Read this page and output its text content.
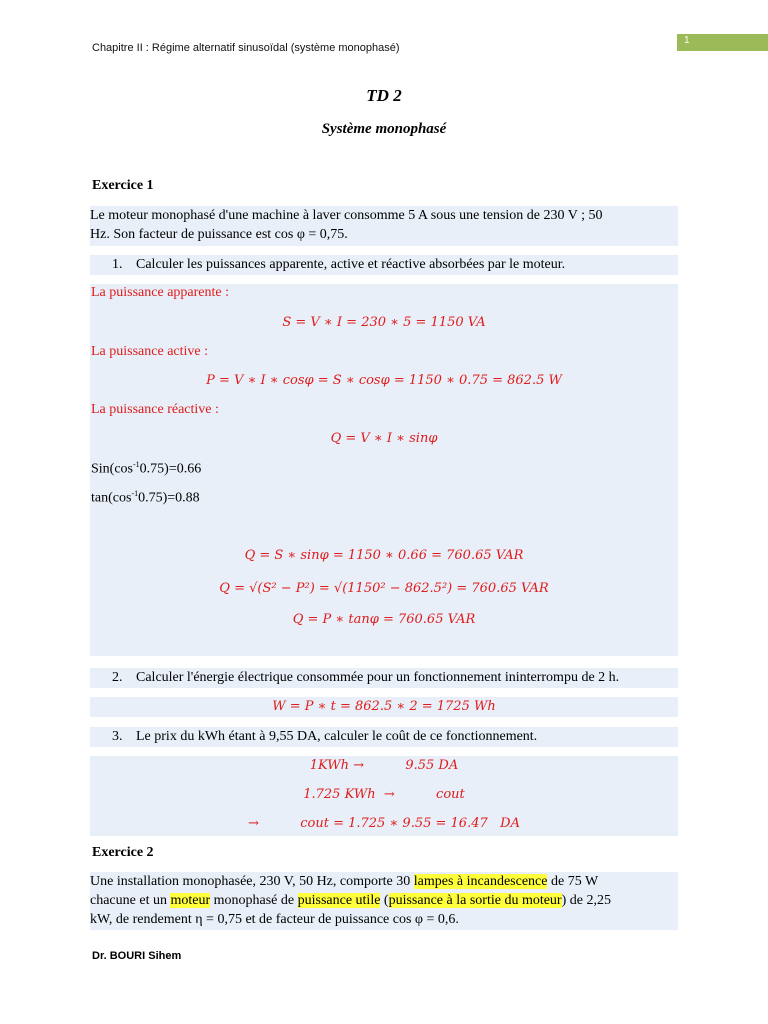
Chapitre II : Régime alternatif sinusoïdal (système monophasé)
1
TD 2
Système monophasé
Exercice 1
Le moteur monophasé d'une machine à laver consomme 5 A sous une tension de 230 V ; 50
Hz. Son facteur de puissance est cos φ = 0,75.
1. Calculer les puissances apparente, active et réactive absorbées par le moteur.
La puissance apparente :
S = V ∗ I = 230 ∗ 5 = 1150 VA
La puissance active :
P = V ∗ I ∗ cosφ = S ∗ cosφ = 1150 ∗ 0.75 = 862.5 W
La puissance réactive :
Q = V ∗ I ∗ sinφ
$Sin(\cos^{-1}0.75)=0.66$
$\tan(\cos^{-1}0.75)=0.88$
Q = S ∗ sinφ = 1150 ∗ 0.66 = 760.65 VAR
Q = √(S² − P²) = √(1150² − 862.5²) = 760.65 VAR
Q = P ∗ tanφ = 760.65 VAR
2. Calculer l'énergie électrique consommée pour un fonctionnement ininterrompu de 2 h.
W = P ∗ t = 862.5 ∗ 2 = 1725 Wh
3. Le prix du kWh étant à 9,55 DA, calculer le coût de ce fonctionnement.
1KWh →          9.55 DA
1.725 KWh  →          cout
→          cout = 1.725 ∗ 9.55 = 16.47   DA
Exercice 2
Une installation monophasée, 230 V, 50 Hz, comporte 30 lampes à incandescence de 75 W
chacune et un moteur monophasé de puissance utile (puissance à la sortie du moteur) de 2,25
kW, de rendement η = 0,75 et de facteur de puissance cos φ = 0,6.
Dr. BOURI Sihem
